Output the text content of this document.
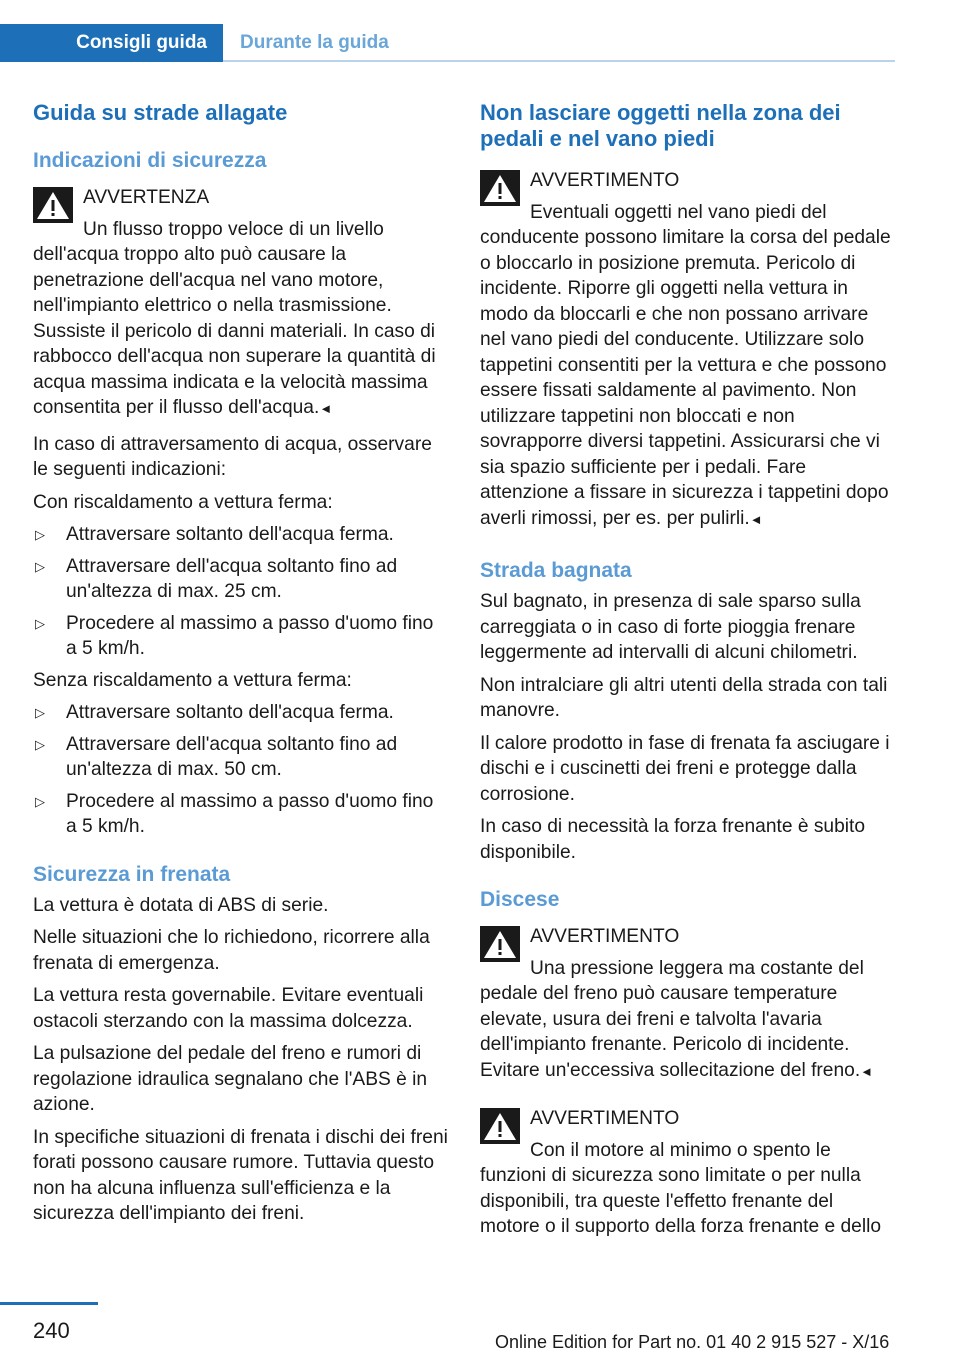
Consigli guida	Durante la guida
Guida su strade allagate
Indicazioni di sicurezza
AVVERTENZA
Un flusso troppo veloce di un livello dell'acqua troppo alto può causare la penetrazione dell'acqua nel vano motore, nell'impianto elettrico o nella trasmissione. Sussiste il pericolo di danni materiali. In caso di rabbocco dell'acqua non superare la quantità di acqua massima indicata e la velocità massima consentita per il flusso dell'acqua.◄

In caso di attraversamento di acqua, osservare le seguenti indicazioni:

Con riscaldamento a vettura ferma:

▷ Attraversare soltanto dell'acqua ferma.
▷ Attraversare dell'acqua soltanto fino ad un'altezza di max. 25 cm.
▷ Procedere al massimo a passo d'uomo fino a 5 km/h.

Senza riscaldamento a vettura ferma:

▷ Attraversare soltanto dell'acqua ferma.
▷ Attraversare dell'acqua soltanto fino ad un'altezza di max. 50 cm.
▷ Procedere al massimo a passo d'uomo fino a 5 km/h.
Sicurezza in frenata

La vettura è dotata di ABS di serie.

Nelle situazioni che lo richiedono, ricorrere alla frenata di emergenza.

La vettura resta governabile. Evitare eventuali ostacoli sterzando con la massima dolcezza.

La pulsazione del pedale del freno e rumori di regolazione idraulica segnalano che l'ABS è in azione.

In specifiche situazioni di frenata i dischi dei freni forati possono causare rumore. Tuttavia questo non ha alcuna influenza sull'efficienza e la sicurezza dell'impianto dei freni.

Non lasciare oggetti nella zona dei pedali e nel vano piedi
AVVERTIMENTO
Eventuali oggetti nel vano piedi del conducente possono limitare la corsa del pedale o bloccarlo in posizione premuta. Pericolo di incidente. Riporre gli oggetti nella vettura in modo da bloccarli e che non possano arrivare nel vano piedi del conducente. Utilizzare solo tappetini consentiti per la vettura e che possono essere fissati saldamente al pavimento. Non utilizzare tappetini non bloccati e non sovrapporre diversi tappetini. Assicurarsi che vi sia spazio sufficiente per i pedali. Fare attenzione a fissare in sicurezza i tappetini dopo averli rimossi, per es. per pulirli.◄
Strada bagnata

Sul bagnato, in presenza di sale sparso sulla carreggiata o in caso di forte pioggia frenare leggermente ad intervalli di alcuni chilometri.

Non intralciare gli altri utenti della strada con tali manovre.

Il calore prodotto in fase di frenata fa asciugare i dischi e i cuscinetti dei freni e protegge dalla corrosione.

In caso di necessità la forza frenante è subito disponibile.

Discese
AVVERTIMENTO
Una pressione leggera ma costante del pedale del freno può causare temperature elevate, usura dei freni e talvolta l'avaria dell'impianto frenante. Pericolo di incidente. Evitare un'eccessiva sollecitazione del freno.◄
AVVERTIMENTO
Con il motore al minimo o spento le funzioni di sicurezza sono limitate o per nulla disponibili, tra queste l'effetto frenante del motore o il supporto della forza frenante e dello
240	Online Edition for Part no. 01 40 2 915 527 - X/16
